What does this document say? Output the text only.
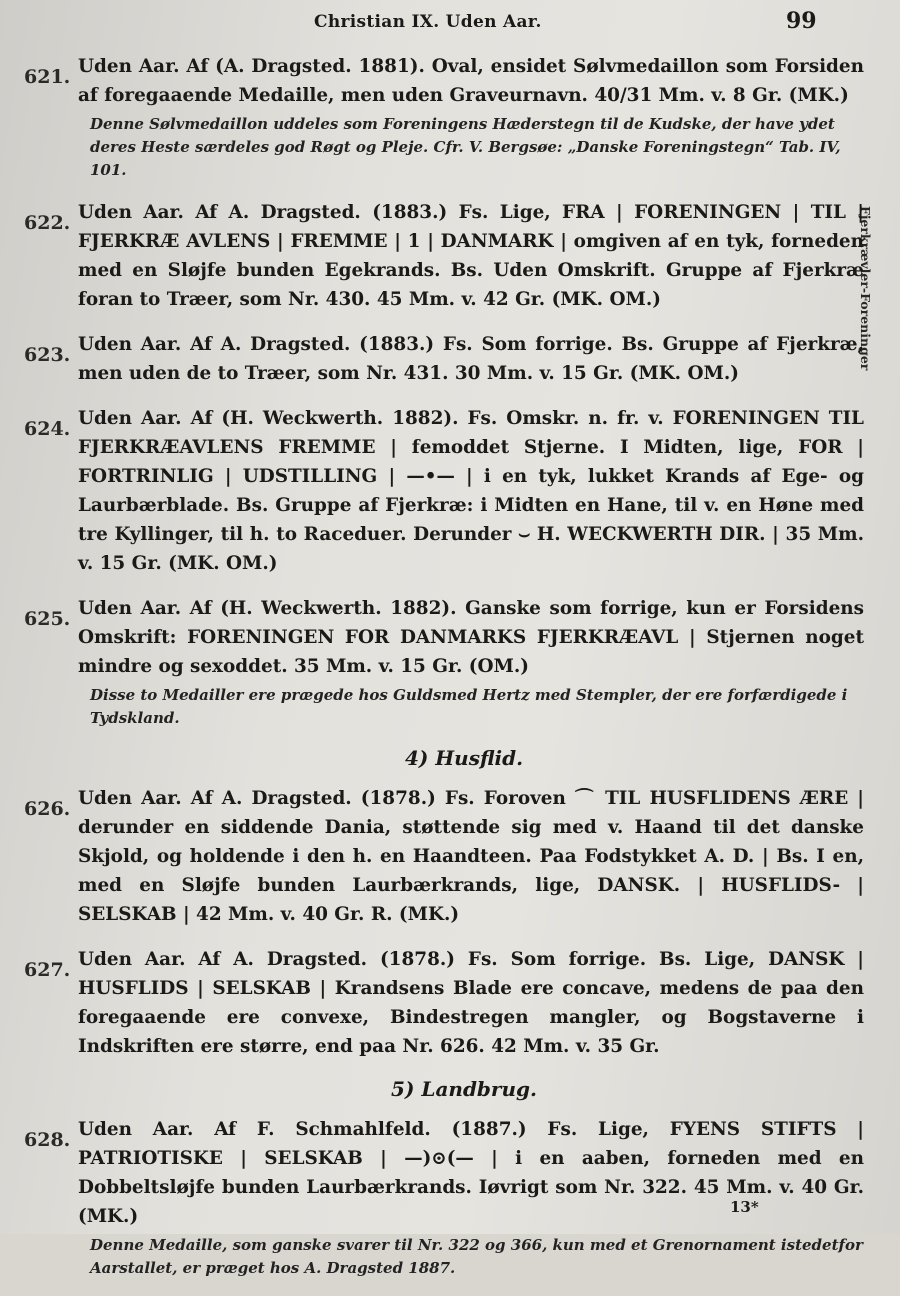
Christian IX. Uden Aar.	99
Fjerkrævler-Foreninger
621. Uden Aar. Af (A. Dragsted. 1881). Oval, ensidet Sølvmedaillon som Forsiden af foregaaende Medaille, men uden Graveurnavn. 40/31 Mm. v. 8 Gr. (MK.)
Denne Sølvmedaillon uddeles som Foreningens Hæderstegn til de Kudske, der have ydet deres Heste særdeles god Røgt og Pleje. Cfr. V. Bergsøe: „Danske Foreningstegn“ Tab. IV, 101.
622. Uden Aar. Af A. Dragsted. (1883.) Fs. Lige, FRA | FORENINGEN | TIL | FJERKRÆ AVLENS | FREMME | 1 | DANMARK | omgiven af en tyk, forneden med en Sløjfe bunden Egekrands. Bs. Uden Omskrift. Gruppe af Fjerkræ foran to Træer, som Nr. 430. 45 Mm. v. 42 Gr. (MK. OM.)
623. Uden Aar. Af A. Dragsted. (1883.) Fs. Som forrige. Bs. Gruppe af Fjerkræ, men uden de to Træer, som Nr. 431. 30 Mm. v. 15 Gr. (MK. OM.)
624. Uden Aar. Af (H. Weckwerth. 1882). Fs. Omskr. n. fr. v. FORENINGEN TIL FJERKRÆAVLENS FREMME | femoddet Stjerne. I Midten, lige, FOR | FORTRINLIG | UDSTILLING | —•— | i en tyk, lukket Krands af Ege- og Laurbærblade. Bs. Gruppe af Fjerkræ: i Midten en Hane, til v. en Høne med tre Kyllinger, til h. to Raceduer. Derunder ⌣ H. WECKWERTH DIR. | 35 Mm. v. 15 Gr. (MK. OM.)
625. Uden Aar. Af (H. Weckwerth. 1882). Ganske som forrige, kun er Forsidens Omskrift: FORENINGEN FOR DANMARKS FJERKRÆAVL | Stjernen noget mindre og sexoddet. 35 Mm. v. 15 Gr. (OM.)
Disse to Medailler ere prægede hos Guldsmed Hertz med Stempler, der ere forfærdigede i Tydskland.
4) Husflid.
626. Uden Aar. Af A. Dragsted. (1878.) Fs. Foroven ⌒ TIL HUSFLIDENS ÆRE | derunder en siddende Dania, støttende sig med v. Haand til det danske Skjold, og holdende i den h. en Haandteen. Paa Fodstykket A. D. | Bs. I en, med en Sløjfe bunden Laurbærkrands, lige, DANSK. | HUSFLIDS- | SELSKAB | 42 Mm. v. 40 Gr. R. (MK.)
627. Uden Aar. Af A. Dragsted. (1878.) Fs. Som forrige. Bs. Lige, DANSK | HUSFLIDS | SELSKAB | Krandsens Blade ere concave, medens de paa den foregaaende ere convexe, Bindestregen mangler, og Bogstaverne i Indskriften ere større, end paa Nr. 626. 42 Mm. v. 35 Gr.
5) Landbrug.
628. Uden Aar. Af F. Schmahlfeld. (1887.) Fs. Lige, FYENS STIFTS | PATRIOTISKE | SELSKAB | —)⊙(— | i en aaben, forneden med en Dobbeltsløjfe bunden Laurbærkrands. Iøvrigt som Nr. 322. 45 Mm. v. 40 Gr. (MK.)
Denne Medaille, som ganske svarer til Nr. 322 og 366, kun med et Grenornament istedetfor Aarstallet, er præget hos A. Dragsted 1887.
13*
